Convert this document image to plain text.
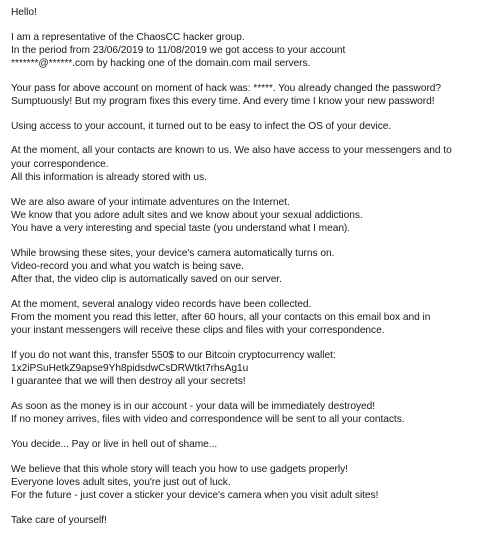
Hello!

I am a representative of the ChaosCC hacker group.
In the period from 23/06/2019 to 11/08/2019 we got access to your account
*******@******.com by hacking one of the domain.com mail servers.

Your pass for above account on moment of hack was: *****. You already changed the password?
Sumptuously! But my program fixes this every time. And every time I know your new password!

Using access to your account, it turned out to be easy to infect the OS of your device.

At the moment, all your contacts are known to us. We also have access to your messengers and to
your correspondence.
All this information is already stored with us.

We are also aware of your intimate adventures on the Internet.
We know that you adore adult sites and we know about your sexual addictions.
You have a very interesting and special taste (you understand what I mean).

While browsing these sites, your device's camera automatically turns on.
Video-record you and what you watch is being save.
After that, the video clip is automatically saved on our server.

At the moment, several analogy video records have been collected.
From the moment you read this letter, after 60 hours, all your contacts on this email box and in
your instant messengers will receive these clips and files with your correspondence.

If you do not want this, transfer 550$ to our Bitcoin cryptocurrency wallet:
1x2iPSuHetkZ9apse9Yh8pidsdwCsDRWtkt7rhsAg1u
I guarantee that we will then destroy all your secrets!

As soon as the money is in our account - your data will be immediately destroyed!
If no money arrives, files with video and correspondence will be sent to all your contacts.

You decide... Pay or live in hell out of shame...

We believe that this whole story will teach you how to use gadgets properly!
Everyone loves adult sites, you're just out of luck.
For the future - just cover a sticker your device's camera when you visit adult sites!

Take care of yourself!
